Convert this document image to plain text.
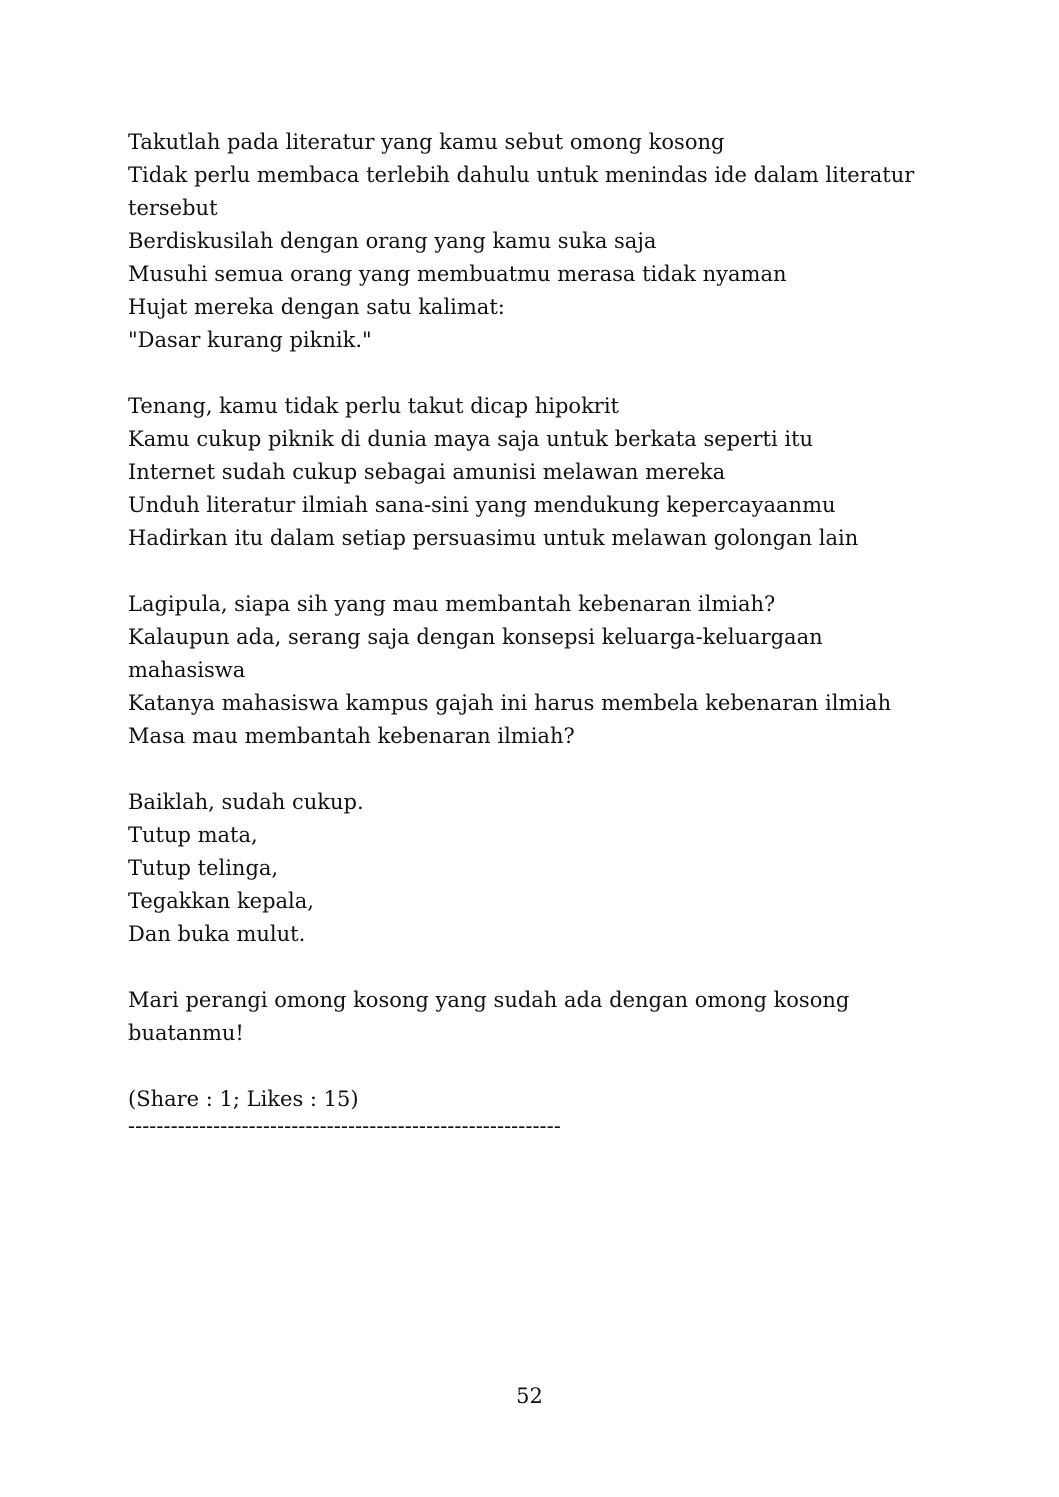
Takutlah pada literatur yang kamu sebut omong kosong
Tidak perlu membaca terlebih dahulu untuk menindas ide dalam literatur
tersebut
Berdiskusilah dengan orang yang kamu suka saja
Musuhi semua orang yang membuatmu merasa tidak nyaman
Hujat mereka dengan satu kalimat:
"Dasar kurang piknik."
Tenang, kamu tidak perlu takut dicap hipokrit
Kamu cukup piknik di dunia maya saja untuk berkata seperti itu
Internet sudah cukup sebagai amunisi melawan mereka
Unduh literatur ilmiah sana-sini yang mendukung kepercayaanmu
Hadirkan itu dalam setiap persuasimu untuk melawan golongan lain
Lagipula, siapa sih yang mau membantah kebenaran ilmiah?
Kalaupun ada, serang saja dengan konsepsi keluarga-keluargaan mahasiswa
Katanya mahasiswa kampus gajah ini harus membela kebenaran ilmiah
Masa mau membantah kebenaran ilmiah?
Baiklah, sudah cukup.
Tutup mata,
Tutup telinga,
Tegakkan kepala,
Dan buka mulut.
Mari perangi omong kosong yang sudah ada dengan omong kosong
buatanmu!
(Share : 1; Likes : 15)
-------------------------------------------------------------
52
